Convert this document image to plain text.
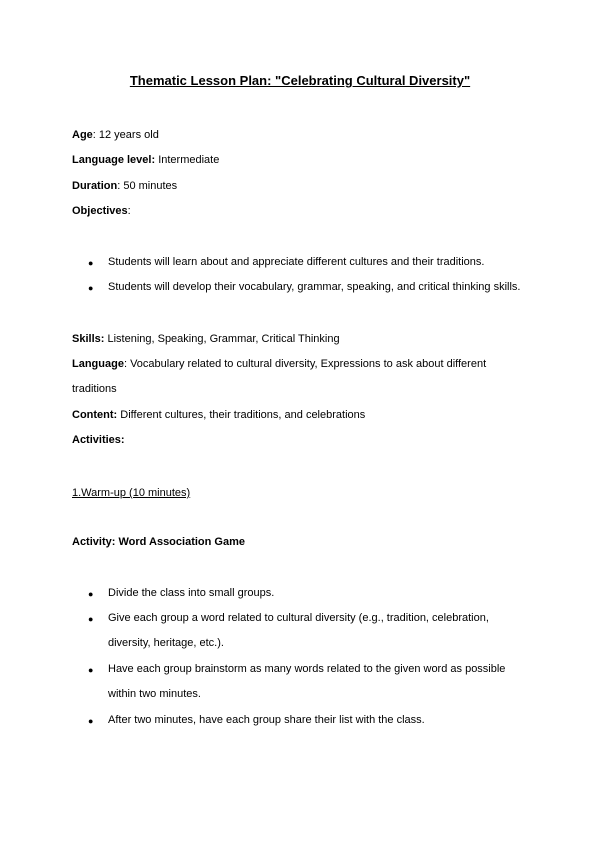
Thematic Lesson Plan: "Celebrating Cultural Diversity"
Age: 12 years old
Language level: Intermediate
Duration: 50 minutes
Objectives:
● Students will learn about and appreciate different cultures and their traditions.
● Students will develop their vocabulary, grammar, speaking, and critical thinking skills.
Skills: Listening, Speaking, Grammar, Critical Thinking
Language: Vocabulary related to cultural diversity, Expressions to ask about different
traditions
Content: Different cultures, their traditions, and celebrations
Activities:
1.Warm-up (10 minutes)
Activity: Word Association Game
● Divide the class into small groups.
● Give each group a word related to cultural diversity (e.g., tradition, celebration,
diversity, heritage, etc.).
● Have each group brainstorm as many words related to the given word as possible
within two minutes.
● After two minutes, have each group share their list with the class.
